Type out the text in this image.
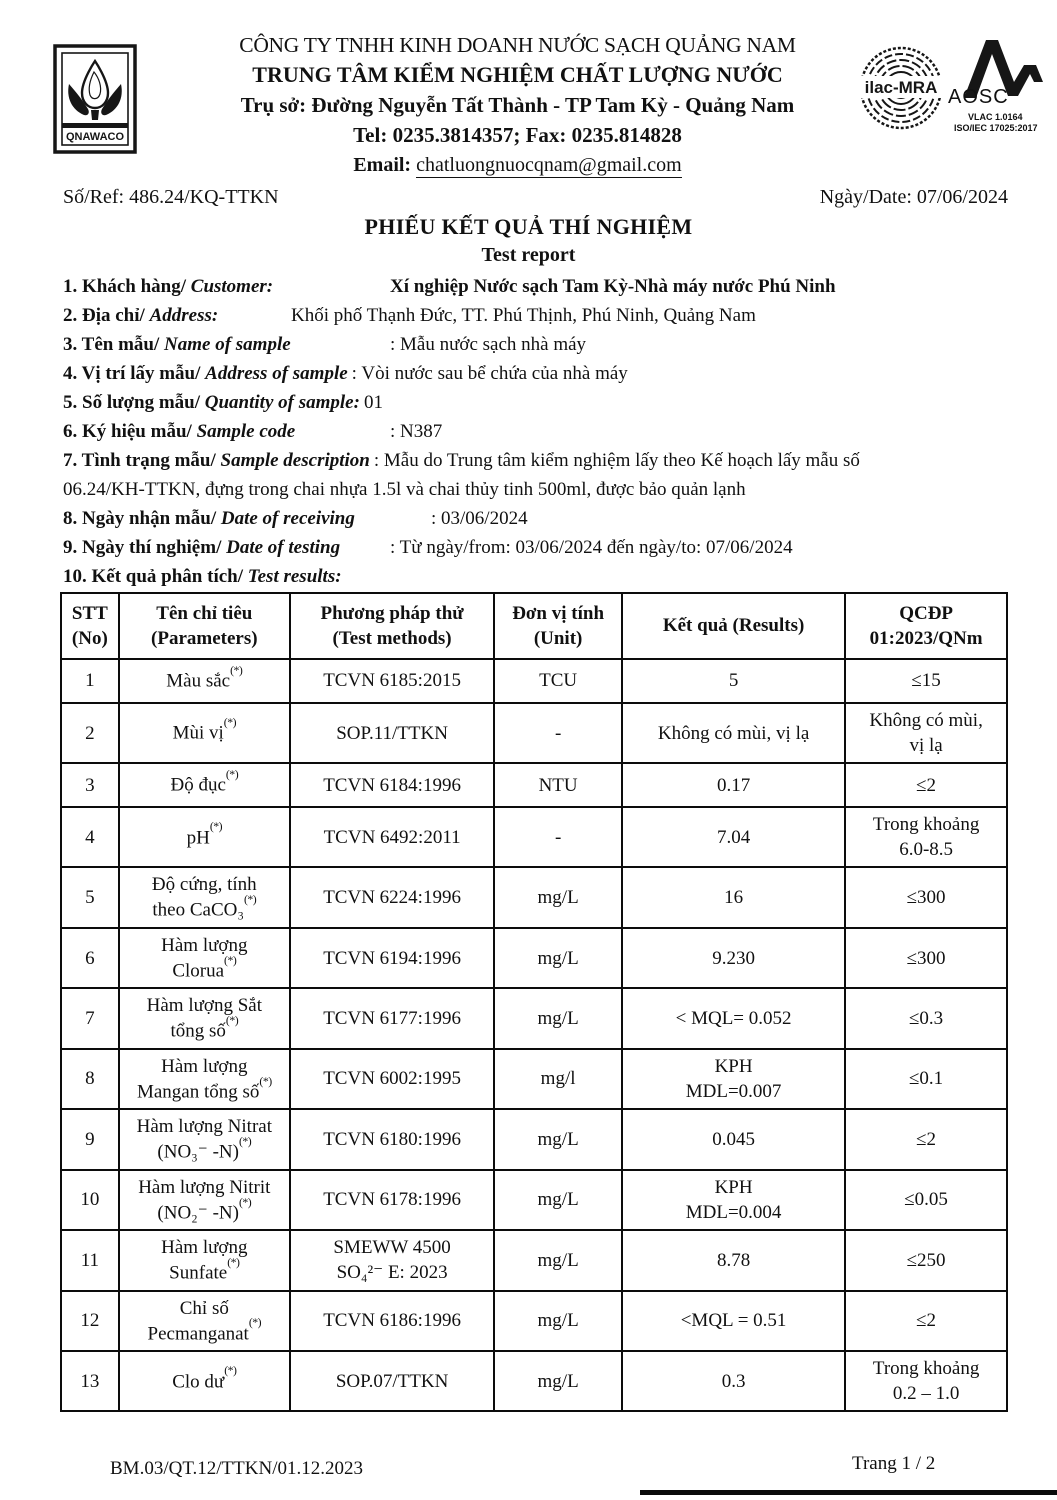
QNAWACO
CÔNG TY TNHH KINH DOANH NƯỚC SẠCH QUẢNG NAM
TRUNG TÂM KIỂM NGHIỆM CHẤT LƯỢNG NƯỚC
Trụ sở: Đường Nguyễn Tất Thành - TP Tam Kỳ - Quảng Nam
Tel: 0235.3814357; Fax: 0235.814828
Email: chatluongnuocqnam@gmail.com
ilac-MRA AOSC
VLAC 1.0164
ISO/IEC 17025:2017
Số/Ref: 486.24/KQ-TTKN	Ngày/Date: 07/06/2024
PHIẾU KẾT QUẢ THÍ NGHIỆM
Test report
1. Khách hàng/ Customer:	Xí nghiệp Nước sạch Tam Kỳ-Nhà máy nước Phú Ninh
2. Địa chỉ/ Address:	Khối phố Thạnh Đức, TT. Phú Thịnh, Phú Ninh, Quảng Nam
3. Tên mẫu/ Name of sample	: Mẫu nước sạch nhà máy
4. Vị trí lấy mẫu/ Address of sample : Vòi nước sau bể chứa của nhà máy
5. Số lượng mẫu/ Quantity of sample: 01
6. Ký hiệu mẫu/ Sample code	: N387
7. Tình trạng mẫu/ Sample description : Mẫu do Trung tâm kiểm nghiệm lấy theo Kế hoạch lấy mẫu số
06.24/KH-TTKN, đựng trong chai nhựa 1.5l và chai thủy tinh 500ml, được bảo quản lạnh
8. Ngày nhận mẫu/ Date of receiving	: 03/06/2024
9. Ngày thí nghiệm/ Date of testing	: Từ ngày/from: 03/06/2024 đến ngày/to: 07/06/2024
10. Kết quả phân tích/ Test results:
STT
(No)	Tên chỉ tiêu
(Parameters)	Phương pháp thử
(Test methods)	Đơn vị tính
(Unit)	Kết quả (Results)	QCĐP
01:2023/QNm
1	Màu sắc(*)	TCVN 6185:2015	TCU	5	≤15
2	Mùi vị(*)	SOP.11/TTKN	-	Không có mùi, vị lạ	Không có mùi,
vị lạ
3	Độ đục(*)	TCVN 6184:1996	NTU	0.17	≤2
4	pH(*)	TCVN 6492:2011	-	7.04	Trong khoảng
6.0-8.5
5	Độ cứng, tính
theo CaCO₃(*)	TCVN 6224:1996	mg/L	16	≤300
6	Hàm lượng
Clorua(*)	TCVN 6194:1996	mg/L	9.230	≤300
7	Hàm lượng Sắt
tổng số(*)	TCVN 6177:1996	mg/L	< MQL= 0.052	≤0.3
8	Hàm lượng
Mangan tổng số(*)	TCVN 6002:1995	mg/l	KPH
MDL=0.007	≤0.1
9	Hàm lượng Nitrat
(NO₃⁻ -N)(*)	TCVN 6180:1996	mg/L	0.045	≤2
10	Hàm lượng Nitrit
(NO₂⁻ -N)(*)	TCVN 6178:1996	mg/L	KPH
MDL=0.004	≤0.05
11	Hàm lượng
Sunfate(*)	SMEWW 4500
SO₄²⁻ E: 2023	mg/L	8.78	≤250
12	Chỉ số
Pecmanganat(*)	TCVN 6186:1996	mg/L	<MQL = 0.51	≤2
13	Clo dư(*)	SOP.07/TTKN	mg/L	0.3	Trong khoảng
0.2 – 1.0
BM.03/QT.12/TTKN/01.12.2023	Trang 1 / 2
